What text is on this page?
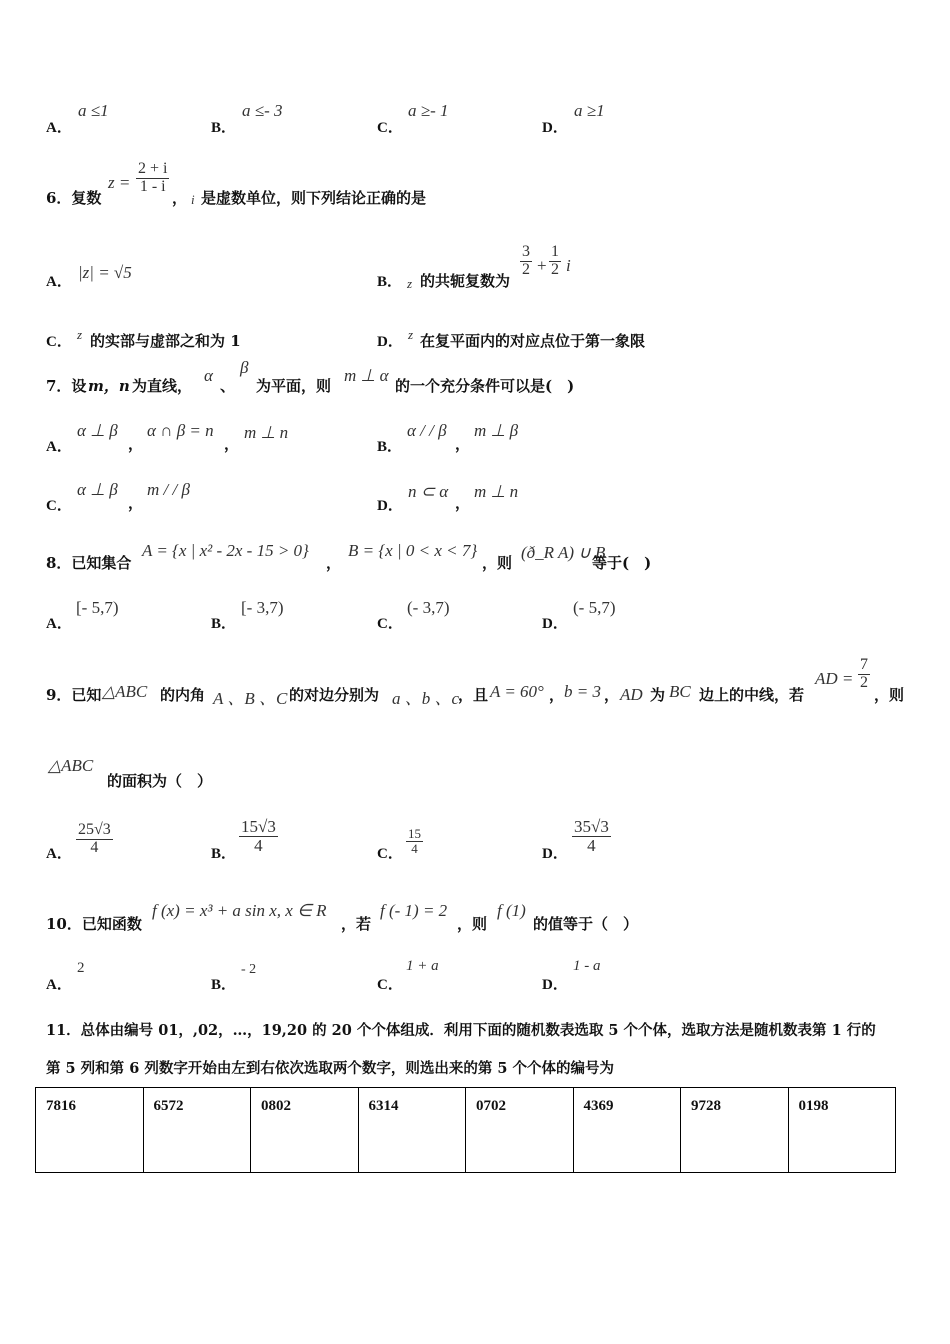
A．
a ≤1
B．
a ≤- 3
C．
a ≥- 1
D．
a ≥1
6．复数
$z = \frac{2 + i}{1 - i}$
， i 是虚数单位，则下列结论正确的是
A． |z| = √5	B． z 的共轭复数为
$\frac{3}{2} + \frac{1}{2}$ i
C． z 的实部与虚部之和为 1	D． z 在复平面内的对应点位于第一象限
7．设 m，n 为直线，
α
、
β
为平面，则
m ⊥ α
的一个充分条件可以是(　)
A．
α ⊥ β
，
α ∩ β = n
，
m ⊥ n
B．
α / / β
，
m ⊥ β
C．
α ⊥ β
，
m / / β
D．
n ⊂ α
，
m ⊥ n
8．已知集合
A = {x | x² - 2x - 15 > 0}
，
B = {x | 0 < x < 7}
，则
(ð_R A) ∪ B
等于(　)
A．
[- 5,7)
B．
[- 3,7)
C．
(- 3,7)
D．
(- 5,7)
9．已知 △ABC 的内角 A 、B 、C 的对边分别为 a 、b 、c
，且 A = 60° ， b = 3 ， AD 为 BC 边上的中线，若
AD = $\frac{7}{2}$
，则
△ABC
的面积为（　）
A． $\frac{25√3}{4}$	B． $\frac{15√3}{4}$	C． $\frac{15}{4}$	D． $\frac{35√3}{4}$
10．已知函数
f (x) = x³ + a sin x, x ∈ R
，若
f (- 1) = 2
，则
f (1)
的值等于（　）
A．
2
B．
- 2
C．
1 + a
D．
1 - a
11．总体由编号 01，,02，…，19,20 的 20 个个体组成．利用下面的随机数表选取 5 个个体，选取方法是随机数表第 1 行的
第 5 列和第 6 列数字开始由左到右依次选取两个数字，则选出来的第 5 个个体的编号为
7816	6572	0802	6314	0702	4369	9728	0198
